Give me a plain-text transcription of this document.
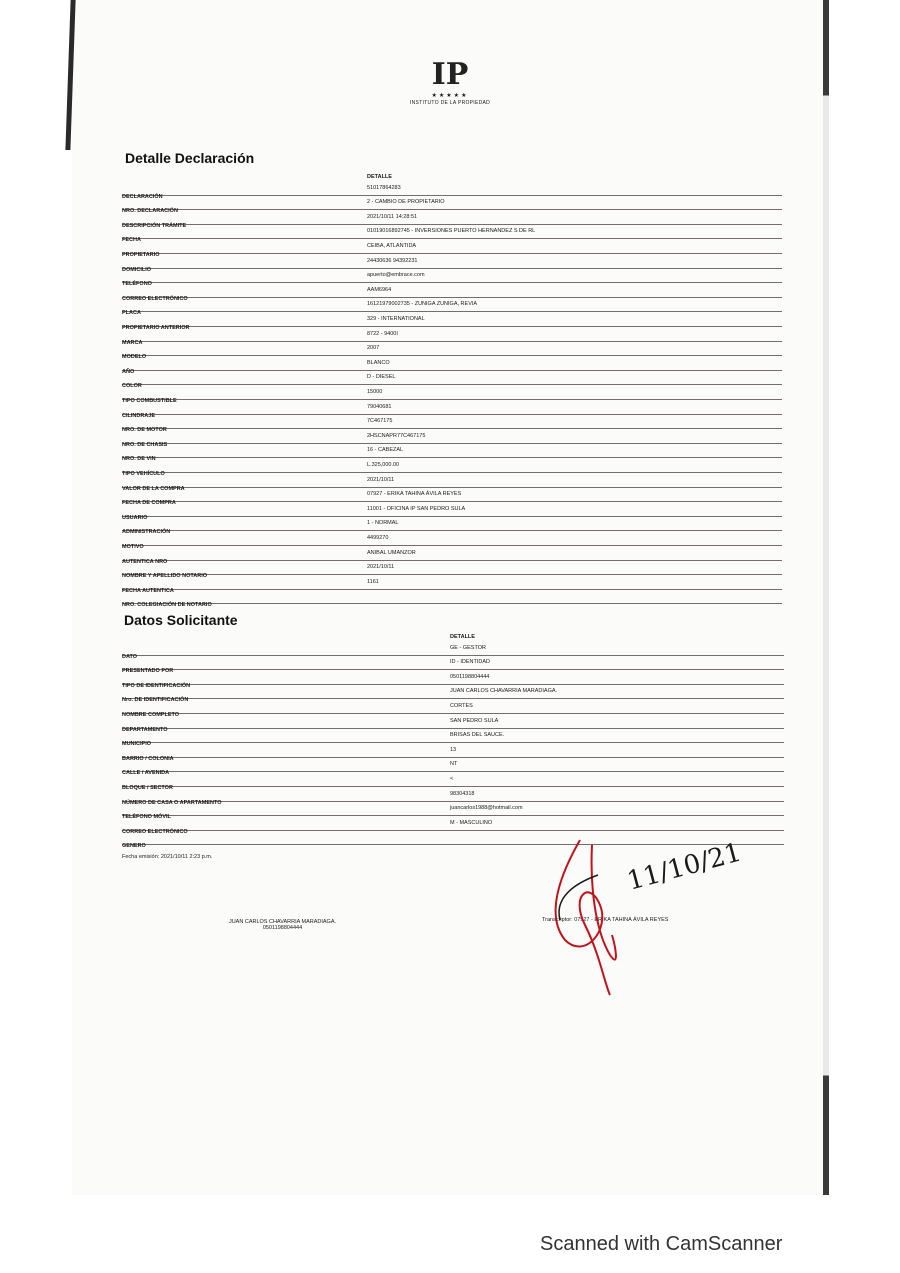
IP
★★★★★
INSTITUTO DE LA PROPIEDAD
Detalle Declaración
DETALLE
DECLARACIÓN
51017864283
NRO. DECLARACIÓN
2 - CAMBIO DE PROPIETARIO
DESCRIPCIÓN TRÁMITE
2021/10/11 14:28:51
FECHA
01019016892745 - INVERSIONES PUERTO HERNANDEZ S DE RL
PROPIETARIO
CEIBA, ATLANTIDA
DOMICILIO
24430636 94392231
TELÉFONO
apuerto@embrace.com
CORREO ELECTRÓNICO
AAM6964
PLACA
16121979002735 - ZUNIGA ZUNIGA, REVIA
PROPIETARIO ANTERIOR
329 - INTERNATIONAL
MARCA
8722 - 9400I
MODELO
2007
AÑO
BLANCO
COLOR
D - DIESEL
TIPO COMBUSTIBLE
15000
CILINDRAJE
79040681
NRO. DE MOTOR
7C467175
NRO. DE CHASIS
2HSCNAPR77C467175
NRO. DE VIN
16 - CABEZAL
TIPO VEHÍCULO
L.325,000.00
VALOR DE LA COMPRA
2021/10/11
FECHA DE COMPRA
07927 - ERIKA TAHINA ÁVILA REYES
USUARIO
11001 - OFICINA IP SAN PEDRO SULA
ADMINISTRACIÓN
1 - NORMAL
MOTIVO
4499270
AUTENTICA NRO
ANIBAL UMANZOR
NOMBRE Y APELLIDO NOTARIO
2021/10/11
FECHA AUTENTICA
1161
NRO. COLEGIACIÓN DE NOTARIO
Datos Solicitante
DETALLE
DATO
GE - GESTOR
PRESENTADO POR
ID - IDENTIDAD
TIPO DE IDENTIFICACIÓN
0501198804444
Nro. DE IDENTIFICACIÓN
JUAN CARLOS CHAVARRIA MARADIAGA.
NOMBRE COMPLETO
CORTES
DEPARTAMENTO
SAN PEDRO SULA
MUNICIPIO
BRISAS DEL SAUCE.
BARRIO / COLONIA
13
CALLE / AVENIDA
NT
BLOQUE / SECTOR
<
NÚMERO DE CASA O APARTAMENTO
98304318
TELÉFONO MÓVIL
juancarlos1988@hotmail.com
CORREO ELECTRÓNICO
M - MASCULINO
GENERO
Fecha emisión: 2021/10/11 2:23 p.m.
JUAN CARLOS CHAVARRIA MARADIAGA.
0501198804444
Transcriptor: 07927 - ERIKA TAHINA ÁVILA REYES
11/10/21
Scanned with CamScanner
